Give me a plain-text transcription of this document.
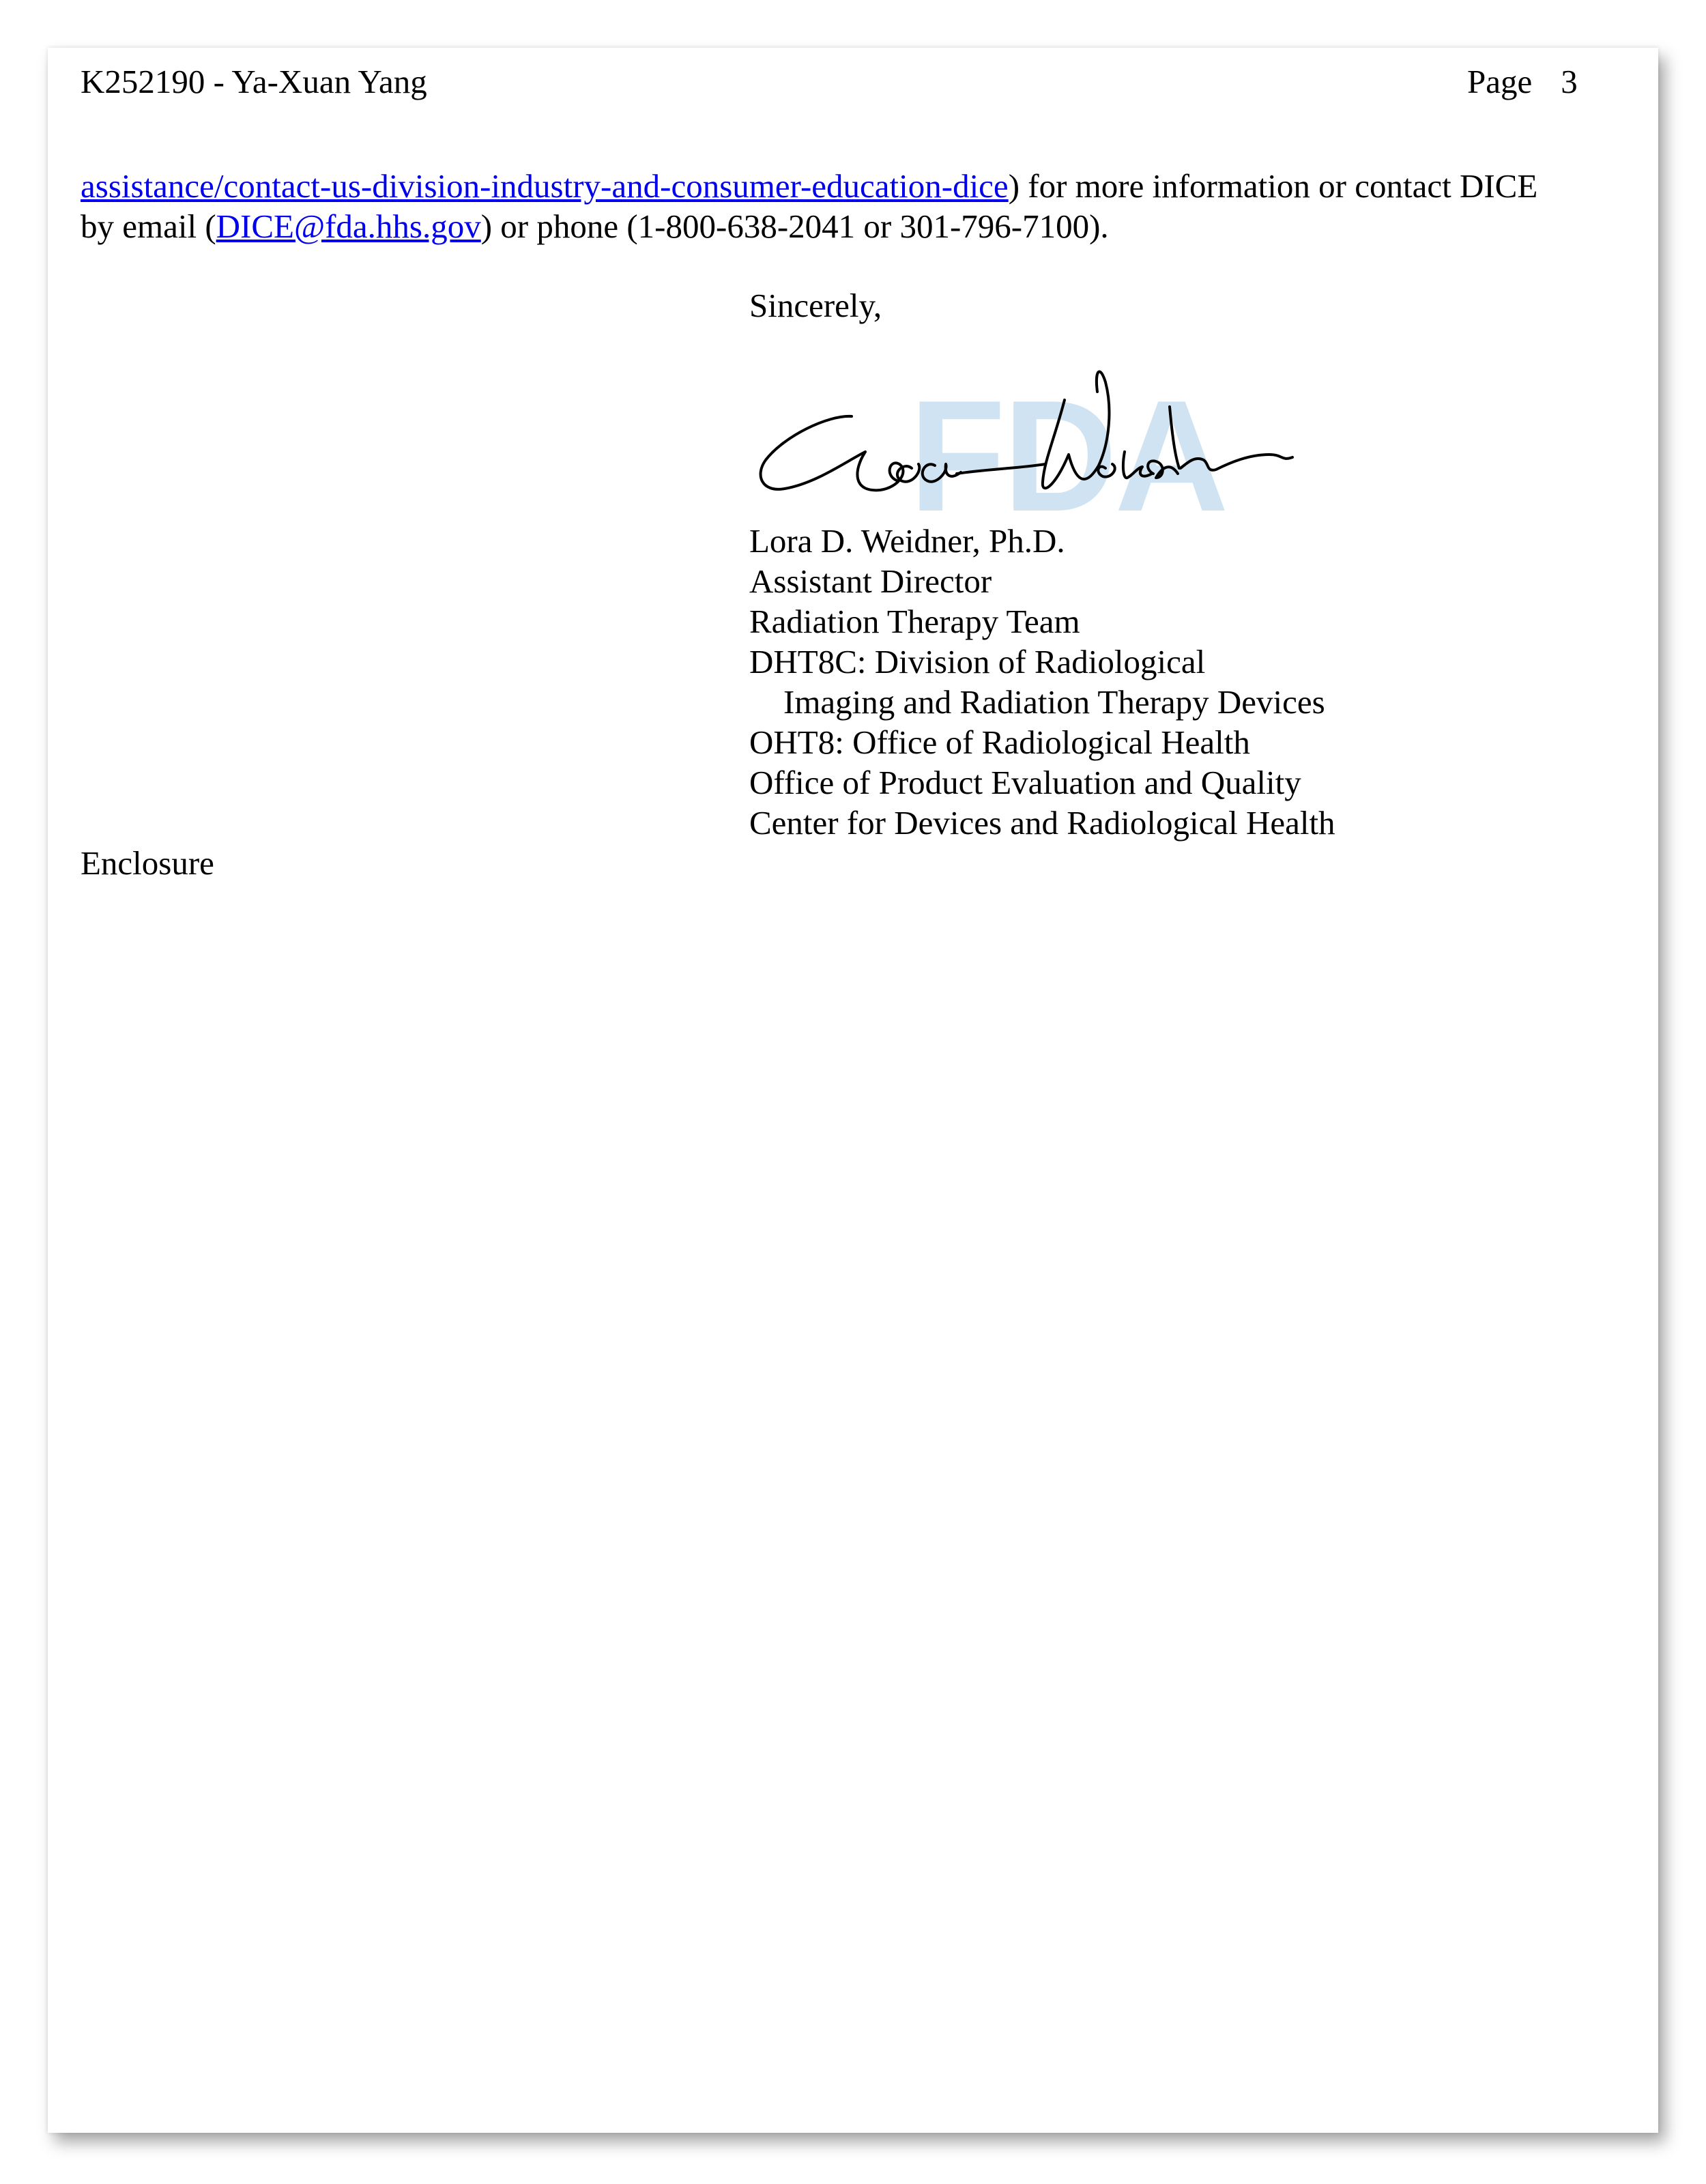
K252190 - Ya-Xuan Yang	Page 3
assistance/contact-us-division-industry-and-consumer-education-dice) for more information or contact DICE
by email (DICE@fda.hhs.gov) or phone (1-800-638-2041 or 301-796-7100).
Sincerely,
FDA
Lora D. Weidner, Ph.D.
Assistant Director
Radiation Therapy Team
DHT8C: Division of Radiological
Imaging and Radiation Therapy Devices
OHT8: Office of Radiological Health
Office of Product Evaluation and Quality
Center for Devices and Radiological Health
Enclosure
